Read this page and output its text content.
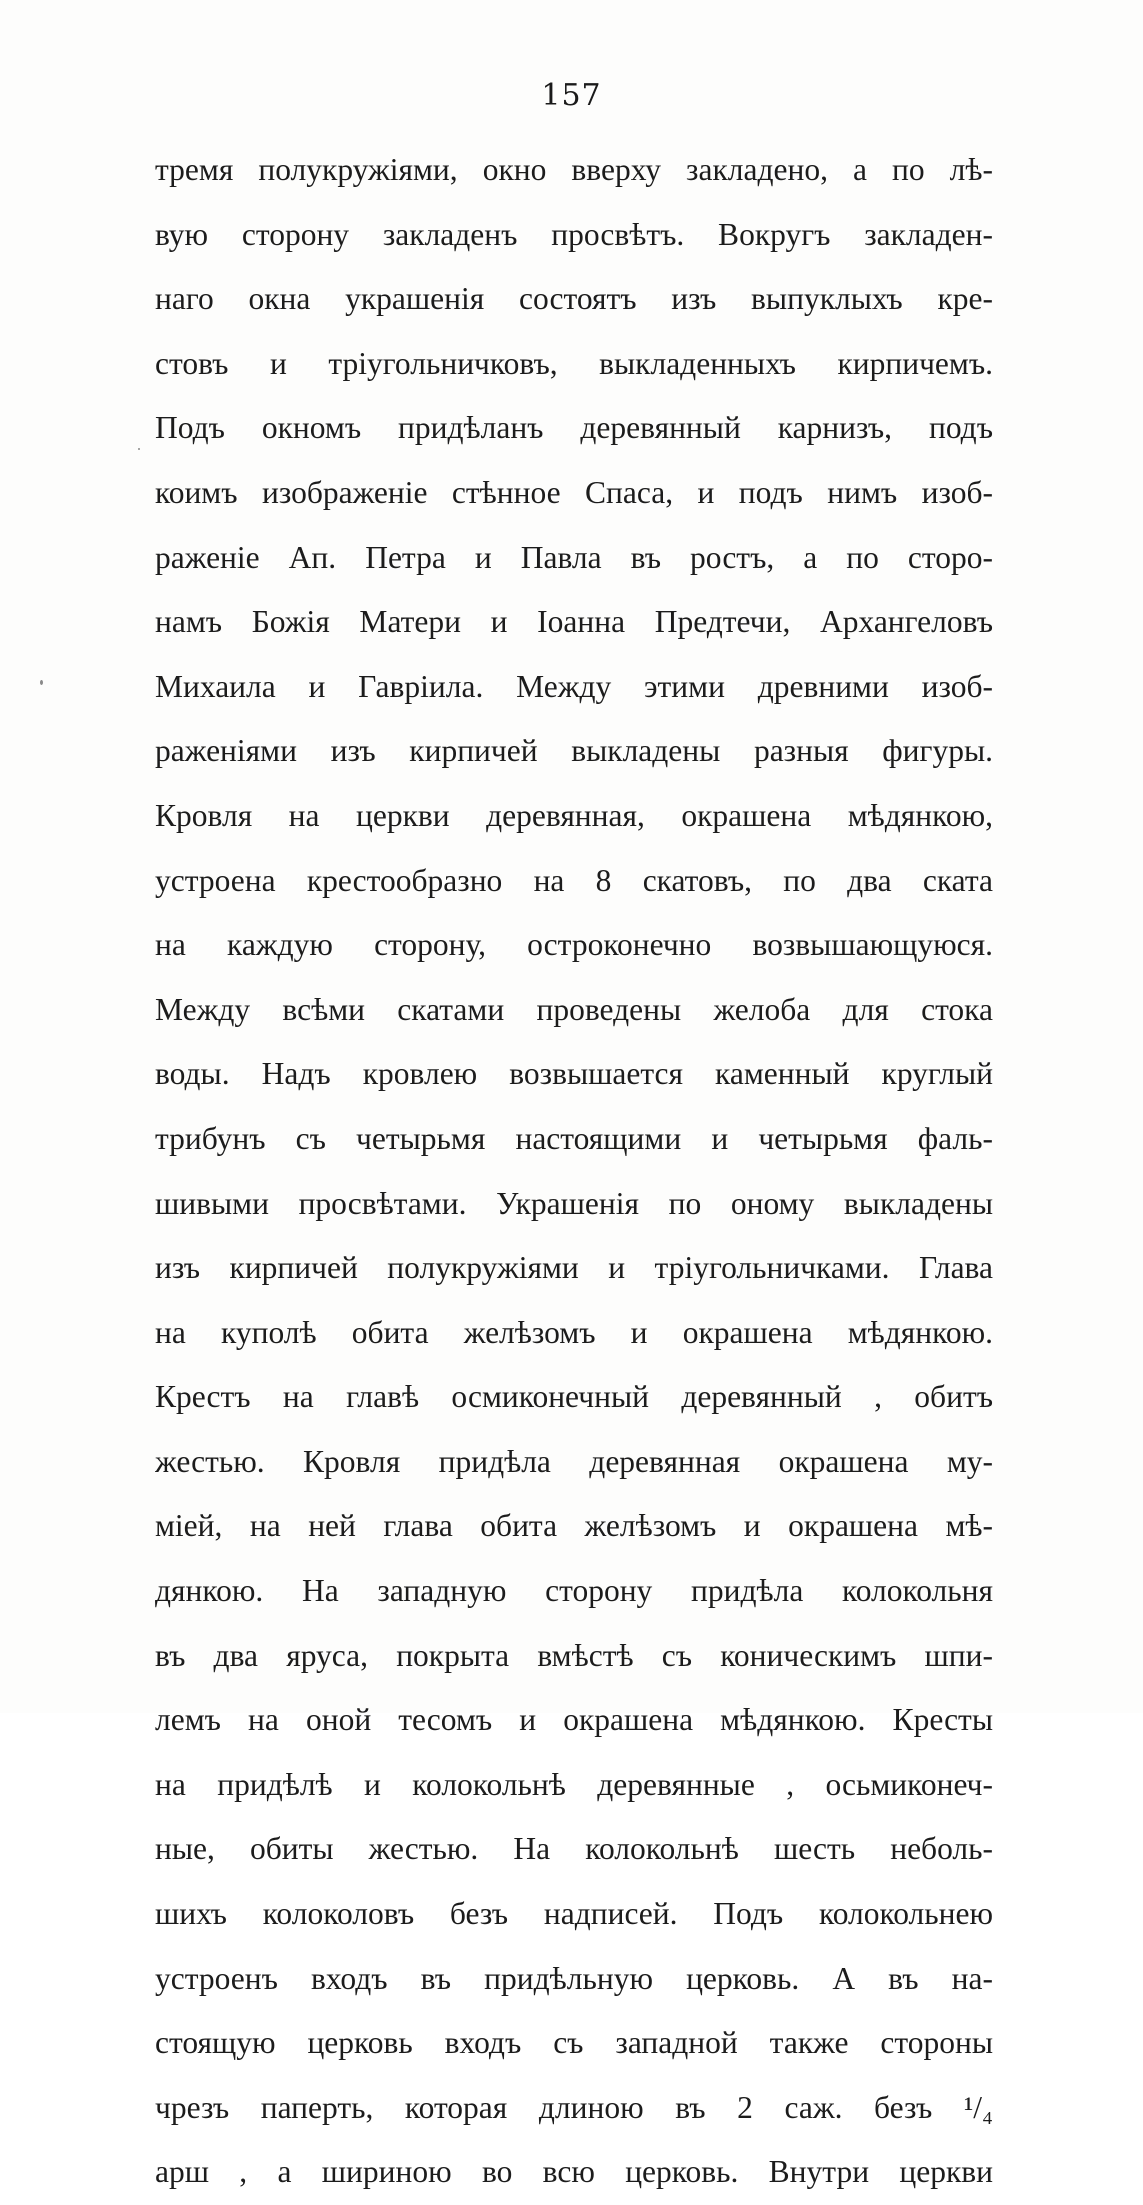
157
тремя полукружіями, окно вверху закладено, а по лѣ-
вую сторону закладенъ просвѣтъ. Вокругъ закладен-
наго окна украшенія состоятъ изъ выпуклыхъ кре-
стовъ и тріугольничковъ, выкладенныхъ кирпичемъ.
Подъ окномъ придѣланъ деревянный карнизъ, подъ
коимъ изображеніе стѣнное Спаса, и подъ нимъ изоб-
раженіе Ап. Петра и Павла въ ростъ, а по сторо-
намъ Божія Матери и Іоанна Предтечи, Архангеловъ
Михаила и Гавріила. Между этими древними изоб-
раженіями изъ кирпичей выкладены разныя фигуры.
Кровля на церкви деревянная, окрашена мѣдянкою,
устроена крестообразно на 8 скатовъ, по два ската
на каждую сторону, остроконечно возвышающуюся.
Между всѣми скатами проведены желоба для стока
воды. Надъ кровлею возвышается каменный круглый
трибунъ съ четырьмя настоящими и четырьмя фаль-
шивыми просвѣтами. Украшенія по оному выкладены
изъ кирпичей полукружіями и тріугольничками. Глава
на куполѣ обита желѣзомъ и окрашена мѣдянкою.
Крестъ на главѣ осмиконечный деревянный , обитъ
жестью. Кровля придѣла деревянная окрашена му-
міей, на ней глава обита желѣзомъ и окрашена мѣ-
дянкою. На западную сторону придѣла колокольня
въ два яруса, покрыта вмѣстѣ съ коническимъ шпи-
лемъ на оной тесомъ и окрашена мѣдянкою. Кресты
на придѣлѣ и колокольнѣ деревянные , осьмиконеч-
ные, обиты жестью. На колокольнѣ шесть неболь-
шихъ колоколовъ безъ надписей. Подъ колокольнею
устроенъ входъ въ придѣльную церковь. А въ на-
стоящую церковь входъ съ западной также стороны
чрезъ паперть, которая длиною въ 2 саж. безъ ¹/₄
арш , а шириною во всю церковь. Внутри церкви
